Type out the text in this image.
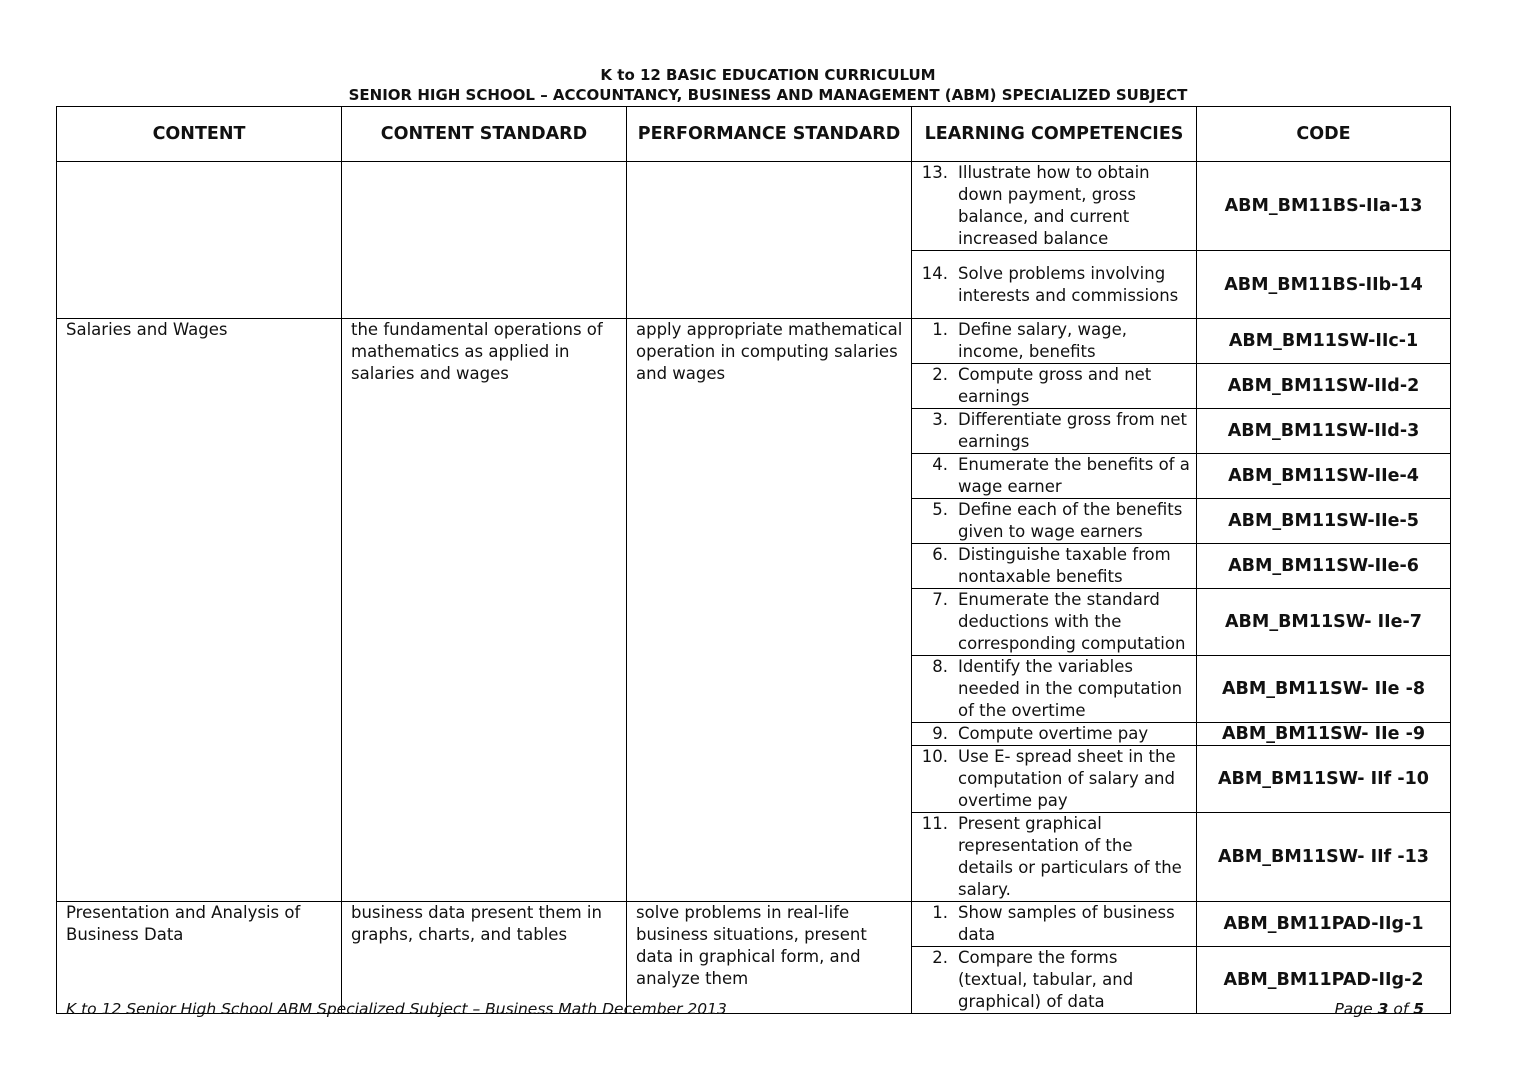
K to 12 BASIC EDUCATION CURRICULUM
SENIOR HIGH SCHOOL – ACCOUNTANCY, BUSINESS AND MANAGEMENT (ABM) SPECIALIZED SUBJECT
CONTENT	CONTENT STANDARD	PERFORMANCE STANDARD	LEARNING COMPETENCIES	CODE

			13. Illustrate how to obtain down payment, gross balance, and current increased balance	ABM_BM11BS-IIa-13

			14. Solve problems involving interests and commissions	ABM_BM11BS-IIb-14

Salaries and Wages	the fundamental operations of mathematics as applied in salaries and wages	apply appropriate mathematical operation in computing salaries and wages	1. Define salary, wage, income, benefits	ABM_BM11SW-IIc-1

			2. Compute gross and net earnings	ABM_BM11SW-IId-2

			3. Differentiate gross from net earnings	ABM_BM11SW-IId-3

			4. Enumerate the benefits of a wage earner	ABM_BM11SW-IIe-4

			5. Define each of the benefits given to wage earners	ABM_BM11SW-IIe-5

			6. Distinguishe taxable from nontaxable benefits	ABM_BM11SW-IIe-6

			7. Enumerate the standard deductions with the corresponding computation	ABM_BM11SW- IIe-7

			8. Identify the variables needed in the computation of the overtime	ABM_BM11SW- IIe -8

			9. Compute overtime pay	ABM_BM11SW- IIe -9

			10. Use E- spread sheet in the computation of salary and overtime pay	ABM_BM11SW- IIf -10

			11. Present graphical representation of the details or particulars of the salary.	ABM_BM11SW- IIf -13

Presentation and Analysis of Business Data	business data present them in graphs, charts, and tables	solve problems in real-life business situations, present data in graphical form, and analyze them	1. Show samples of business data	ABM_BM11PAD-IIg-1

			2. Compare the forms (textual, tabular, and graphical) of data	ABM_BM11PAD-IIg-2
K to 12 Senior High School ABM Specialized Subject – Business Math December 2013	Page 3 of 5
